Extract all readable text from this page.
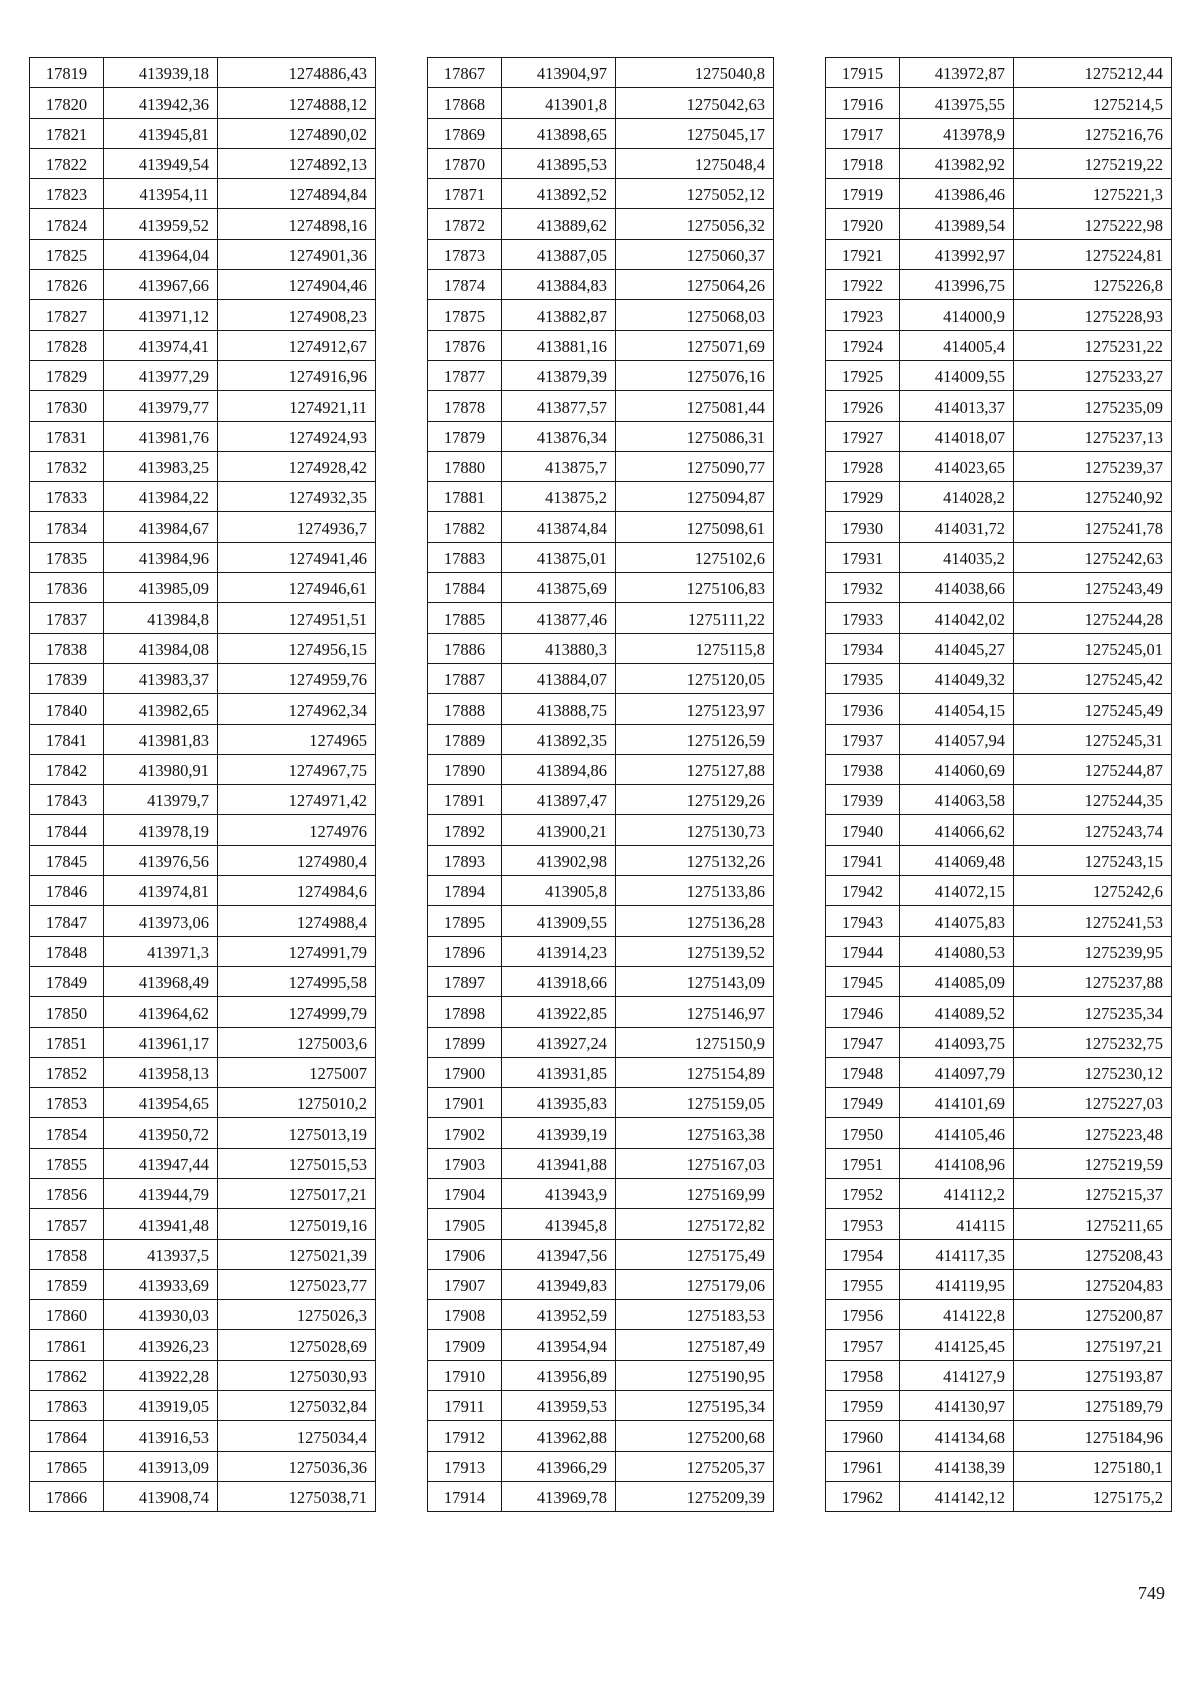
17819	413939,18	1274886,43
17820	413942,36	1274888,12
17821	413945,81	1274890,02
17822	413949,54	1274892,13
17823	413954,11	1274894,84
17824	413959,52	1274898,16
17825	413964,04	1274901,36
17826	413967,66	1274904,46
17827	413971,12	1274908,23
17828	413974,41	1274912,67
17829	413977,29	1274916,96
17830	413979,77	1274921,11
17831	413981,76	1274924,93
17832	413983,25	1274928,42
17833	413984,22	1274932,35
17834	413984,67	1274936,7
17835	413984,96	1274941,46
17836	413985,09	1274946,61
17837	413984,8	1274951,51
17838	413984,08	1274956,15
17839	413983,37	1274959,76
17840	413982,65	1274962,34
17841	413981,83	1274965
17842	413980,91	1274967,75
17843	413979,7	1274971,42
17844	413978,19	1274976
17845	413976,56	1274980,4
17846	413974,81	1274984,6
17847	413973,06	1274988,4
17848	413971,3	1274991,79
17849	413968,49	1274995,58
17850	413964,62	1274999,79
17851	413961,17	1275003,6
17852	413958,13	1275007
17853	413954,65	1275010,2
17854	413950,72	1275013,19
17855	413947,44	1275015,53
17856	413944,79	1275017,21
17857	413941,48	1275019,16
17858	413937,5	1275021,39
17859	413933,69	1275023,77
17860	413930,03	1275026,3
17861	413926,23	1275028,69
17862	413922,28	1275030,93
17863	413919,05	1275032,84
17864	413916,53	1275034,4
17865	413913,09	1275036,36
17866	413908,74	1275038,71
17867	413904,97	1275040,8
17868	413901,8	1275042,63
17869	413898,65	1275045,17
17870	413895,53	1275048,4
17871	413892,52	1275052,12
17872	413889,62	1275056,32
17873	413887,05	1275060,37
17874	413884,83	1275064,26
17875	413882,87	1275068,03
17876	413881,16	1275071,69
17877	413879,39	1275076,16
17878	413877,57	1275081,44
17879	413876,34	1275086,31
17880	413875,7	1275090,77
17881	413875,2	1275094,87
17882	413874,84	1275098,61
17883	413875,01	1275102,6
17884	413875,69	1275106,83
17885	413877,46	1275111,22
17886	413880,3	1275115,8
17887	413884,07	1275120,05
17888	413888,75	1275123,97
17889	413892,35	1275126,59
17890	413894,86	1275127,88
17891	413897,47	1275129,26
17892	413900,21	1275130,73
17893	413902,98	1275132,26
17894	413905,8	1275133,86
17895	413909,55	1275136,28
17896	413914,23	1275139,52
17897	413918,66	1275143,09
17898	413922,85	1275146,97
17899	413927,24	1275150,9
17900	413931,85	1275154,89
17901	413935,83	1275159,05
17902	413939,19	1275163,38
17903	413941,88	1275167,03
17904	413943,9	1275169,99
17905	413945,8	1275172,82
17906	413947,56	1275175,49
17907	413949,83	1275179,06
17908	413952,59	1275183,53
17909	413954,94	1275187,49
17910	413956,89	1275190,95
17911	413959,53	1275195,34
17912	413962,88	1275200,68
17913	413966,29	1275205,37
17914	413969,78	1275209,39
17915	413972,87	1275212,44
17916	413975,55	1275214,5
17917	413978,9	1275216,76
17918	413982,92	1275219,22
17919	413986,46	1275221,3
17920	413989,54	1275222,98
17921	413992,97	1275224,81
17922	413996,75	1275226,8
17923	414000,9	1275228,93
17924	414005,4	1275231,22
17925	414009,55	1275233,27
17926	414013,37	1275235,09
17927	414018,07	1275237,13
17928	414023,65	1275239,37
17929	414028,2	1275240,92
17930	414031,72	1275241,78
17931	414035,2	1275242,63
17932	414038,66	1275243,49
17933	414042,02	1275244,28
17934	414045,27	1275245,01
17935	414049,32	1275245,42
17936	414054,15	1275245,49
17937	414057,94	1275245,31
17938	414060,69	1275244,87
17939	414063,58	1275244,35
17940	414066,62	1275243,74
17941	414069,48	1275243,15
17942	414072,15	1275242,6
17943	414075,83	1275241,53
17944	414080,53	1275239,95
17945	414085,09	1275237,88
17946	414089,52	1275235,34
17947	414093,75	1275232,75
17948	414097,79	1275230,12
17949	414101,69	1275227,03
17950	414105,46	1275223,48
17951	414108,96	1275219,59
17952	414112,2	1275215,37
17953	414115	1275211,65
17954	414117,35	1275208,43
17955	414119,95	1275204,83
17956	414122,8	1275200,87
17957	414125,45	1275197,21
17958	414127,9	1275193,87
17959	414130,97	1275189,79
17960	414134,68	1275184,96
17961	414138,39	1275180,1
17962	414142,12	1275175,2
749
